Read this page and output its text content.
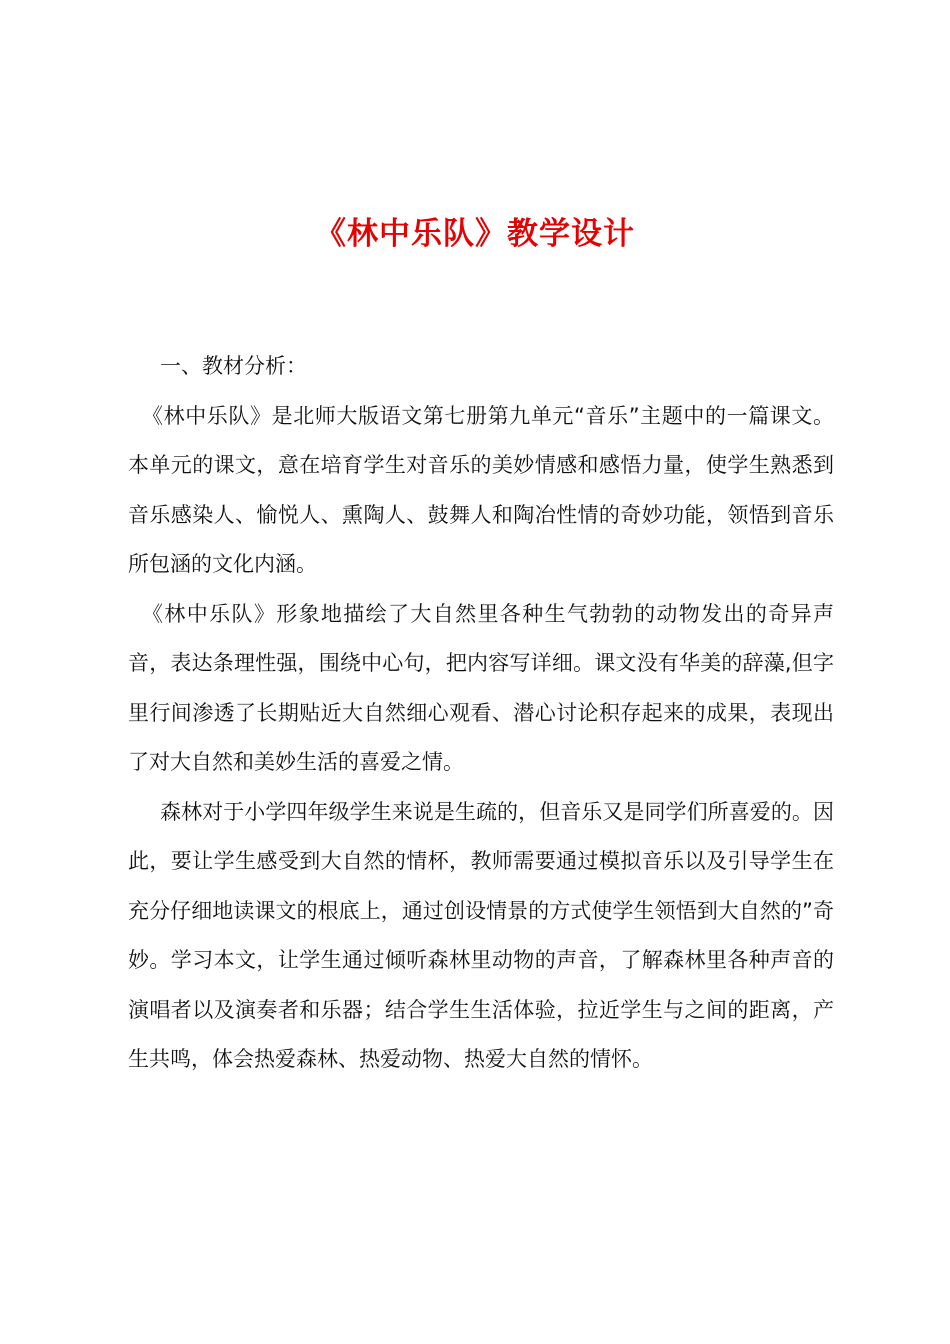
《林中乐队》教学设计

一、教材分析：

《林中乐队》是北师大版语文第七册第九单元“音乐”主题中的一篇课文。本单元的课文，意在培育学生对音乐的美妙情感和感悟力量，使学生熟悉到音乐感染人、愉悦人、熏陶人、鼓舞人和陶冶性情的奇妙功能，领悟到音乐所包涵的文化内涵。

《林中乐队》形象地描绘了大自然里各种生气勃勃的动物发出的奇异声音，表达条理性强，围绕中心句，把内容写详细。课文没有华美的辞藻,但字里行间渗透了长期贴近大自然细心观看、潜心讨论积存起来的成果，表现出了对大自然和美妙生活的喜爱之情。

森林对于小学四年级学生来说是生疏的，但音乐又是同学们所喜爱的。因此，要让学生感受到大自然的情杯，教师需要通过模拟音乐以及引导学生在充分仔细地读课文的根底上，通过创设情景的方式使学生领悟到大自然的”奇妙。学习本文，让学生通过倾听森林里动物的声音，了解森林里各种声音的演唱者以及演奏者和乐器；结合学生生活体验，拉近学生与之间的距离，产生共鸣，体会热爱森林、热爱动物、热爱大自然的情怀。
